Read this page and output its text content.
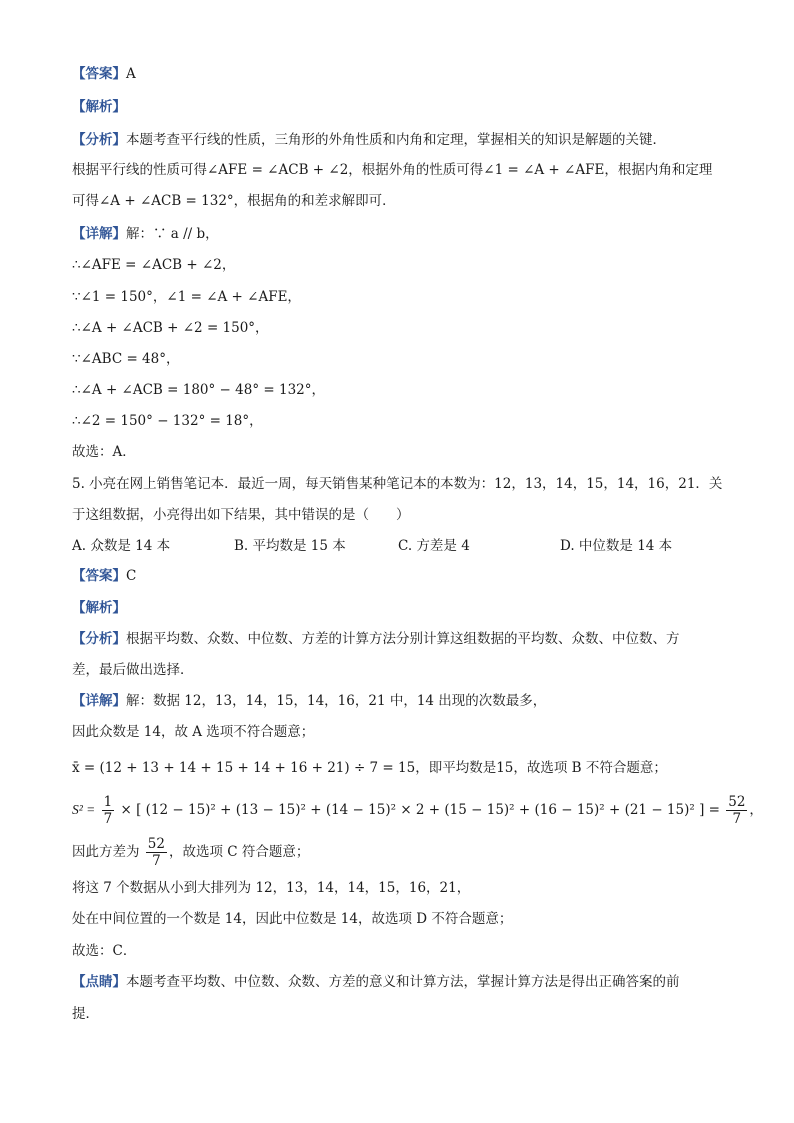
【答案】A
【解析】
【分析】本题考查平行线的性质，三角形的外角性质和内角和定理，掌握相关的知识是解题的关键．
根据平行线的性质可得∠AFE = ∠ACB + ∠2，根据外角的性质可得∠1 = ∠A + ∠AFE，根据内角和定理
可得∠A + ∠ACB = 132°，根据角的和差求解即可．
【详解】解：∵ a // b，
∴∠AFE = ∠ACB + ∠2，
∵∠1 = 150°，∠1 = ∠A + ∠AFE，
∴∠A + ∠ACB + ∠2 = 150°，
∵∠ABC = 48°，
∴∠A + ∠ACB = 180° − 48° = 132°，
∴∠2 = 150° − 132° = 18°，
故选：A．
5. 小亮在网上销售笔记本．最近一周，每天销售某种笔记本的本数为：12，13，14，15，14，16，21．关
于这组数据，小亮得出如下结果，其中错误的是（　　）
A. 众数是 14 本	B. 平均数是 15 本	C. 方差是 4	D. 中位数是 14 本
【答案】C
【解析】
【分析】根据平均数、众数、中位数、方差的计算方法分别计算这组数据的平均数、众数、中位数、方
差，最后做出选择．
【详解】解：数据 12，13，14，15，14，16，21 中，14 出现的次数最多，
因此众数是 14，故 A 选项不符合题意；
x̄ = (12 + 13 + 14 + 15 + 14 + 16 + 21) ÷ 7 = 15，即平均数是15，故选项 B 不符合题意；
$S^2 = \frac{1}{7}$ × [ (12 − 15)² + (13 − 15)² + (14 − 15)² × 2 + (15 − 15)² + (16 − 15)² + (21 − 15)² ] = $\frac{52}{7}$ ，
因此方差为 $\frac{52}{7}$ ，故选项 C 符合题意；
将这 7 个数据从小到大排列为 12，13，14，14，15，16，21，
处在中间位置的一个数是 14，因此中位数是 14，故选项 D 不符合题意；
故选：C．
【点睛】本题考查平均数、中位数、众数、方差的意义和计算方法，掌握计算方法是得出正确答案的前
提．
